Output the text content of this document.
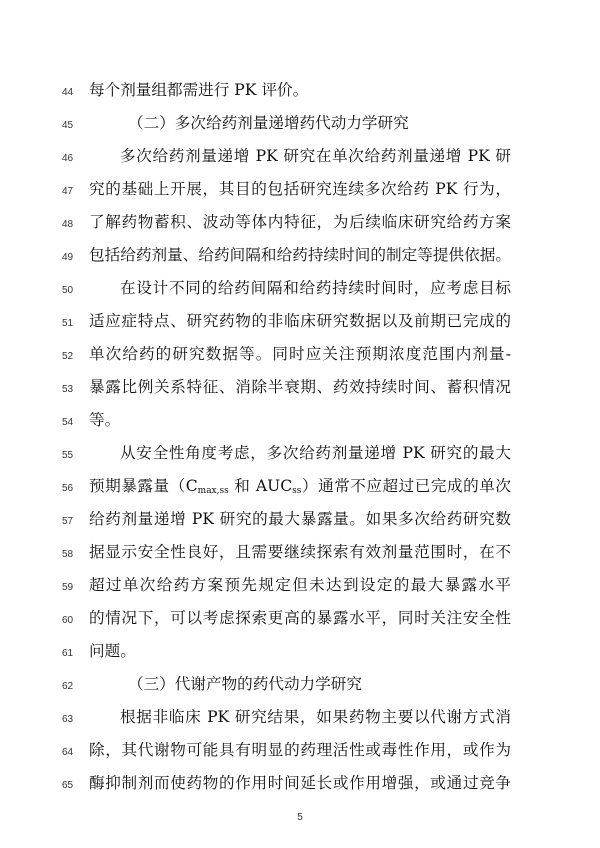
44 每个剂量组都需进行 PK 评价。
45	（二）多次给药剂量递增药代动力学研究
46	多次给药剂量递增 PK 研究在单次给药剂量递增 PK 研
47 究的基础上开展，其目的包括研究连续多次给药 PK 行为，
48 了解药物蓄积、波动等体内特征，为后续临床研究给药方案
49 包括给药剂量、给药间隔和给药持续时间的制定等提供依据。
50	在设计不同的给药间隔和给药持续时间时，应考虑目标
51 适应症特点、研究药物的非临床研究数据以及前期已完成的
52 单次给药的研究数据等。同时应关注预期浓度范围内剂量-
53 暴露比例关系特征、消除半衰期、药效持续时间、蓄积情况
54 等。
55	从安全性角度考虑，多次给药剂量递增 PK 研究的最大
56 预期暴露量（$C_{max,ss}$ 和 $AUC_{ss}$）通常不应超过已完成的单次
57 给药剂量递增 PK 研究的最大暴露量。如果多次给药研究数
58 据显示安全性良好，且需要继续探索有效剂量范围时，在不
59 超过单次给药方案预先规定但未达到设定的最大暴露水平
60 的情况下，可以考虑探索更高的暴露水平，同时关注安全性
61 问题。
62	（三）代谢产物的药代动力学研究
63	根据非临床 PK 研究结果，如果药物主要以代谢方式消
64 除，其代谢物可能具有明显的药理活性或毒性作用，或作为
65 酶抑制剂而使药物的作用时间延长或作用增强，或通过竞争
5
